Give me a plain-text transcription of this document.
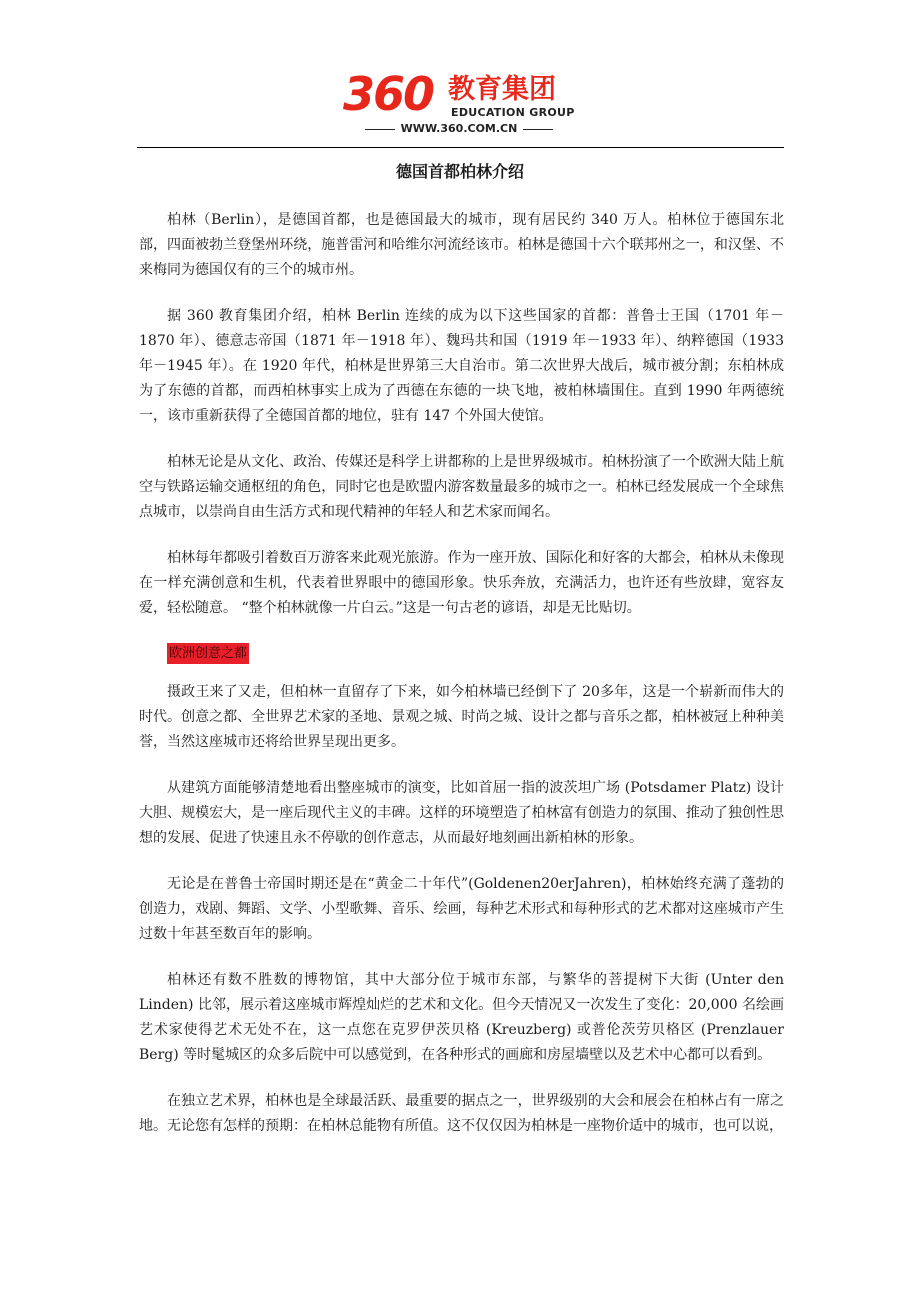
360 教育集团
EDUCATION GROUP
WWW.360.COM.CN
德国首都柏林介绍

柏林（Berlin），是德国首都，也是德国最大的城市，现有居民约 340 万人。柏林位于德国东北部，四面被勃兰登堡州环绕，施普雷河和哈维尔河流经该市。柏林是德国十六个联邦州之一，和汉堡、不来梅同为德国仅有的三个的城市州。

据 360 教育集团介绍，柏林 Berlin 连续的成为以下这些国家的首都：普鲁士王国（1701 年－1870 年）、德意志帝国（1871 年－1918 年）、魏玛共和国（1919 年－1933 年）、纳粹德国（1933 年－1945 年）。在 1920 年代，柏林是世界第三大自治市。第二次世界大战后，城市被分割；东柏林成为了东德的首都，而西柏林事实上成为了西德在东德的一块飞地，被柏林墙围住。直到 1990 年两德统一，该市重新获得了全德国首都的地位，驻有 147 个外国大使馆。

柏林无论是从文化、政治、传媒还是科学上讲都称的上是世界级城市。柏林扮演了一个欧洲大陆上航空与铁路运输交通枢纽的角色，同时它也是欧盟内游客数量最多的城市之一。柏林已经发展成一个全球焦点城市，以崇尚自由生活方式和现代精神的年轻人和艺术家而闻名。

柏林每年都吸引着数百万游客来此观光旅游。作为一座开放、国际化和好客的大都会，柏林从未像现在一样充满创意和生机，代表着世界眼中的德国形象。快乐奔放，充满活力，也许还有些放肆，宽容友爱，轻松随意。 “整个柏林就像一片白云。”这是一句古老的谚语，却是无比贴切。

欧洲创意之都

摄政王来了又走，但柏林一直留存了下来，如今柏林墙已经倒下了 20多年，这是一个崭新而伟大的时代。创意之都、全世界艺术家的圣地、景观之城、时尚之城、设计之都与音乐之都，柏林被冠上种种美誉，当然这座城市还将给世界呈现出更多。

从建筑方面能够清楚地看出整座城市的演变，比如首屈一指的波茨坦广场 (Potsdamer Platz) 设计大胆、规模宏大，是一座后现代主义的丰碑。这样的环境塑造了柏林富有创造力的氛围、推动了独创性思想的发展、促进了快速且永不停歇的创作意志，从而最好地刻画出新柏林的形象。

无论是在普鲁士帝国时期还是在“黄金二十年代”(Goldenen20erJahren)，柏林始终充满了蓬勃的创造力，戏剧、舞蹈、文学、小型歌舞、音乐、绘画，每种艺术形式和每种形式的艺术都对这座城市产生过数十年甚至数百年的影响。

柏林还有数不胜数的博物馆，其中大部分位于城市东部，与繁华的菩提树下大街 (Unter den Linden) 比邻，展示着这座城市辉煌灿烂的艺术和文化。但今天情况又一次发生了变化：20,000 名绘画艺术家使得艺术无处不在，这一点您在克罗伊茨贝格 (Kreuzberg) 或普伦茨劳贝格区 (Prenzlauer Berg) 等时髦城区的众多后院中可以感觉到，在各种形式的画廊和房屋墙壁以及艺术中心都可以看到。

在独立艺术界，柏林也是全球最活跃、最重要的据点之一，世界级别的大会和展会在柏林占有一席之地。无论您有怎样的预期：在柏林总能物有所值。这不仅仅因为柏林是一座物价适中的城市，也可以说，
